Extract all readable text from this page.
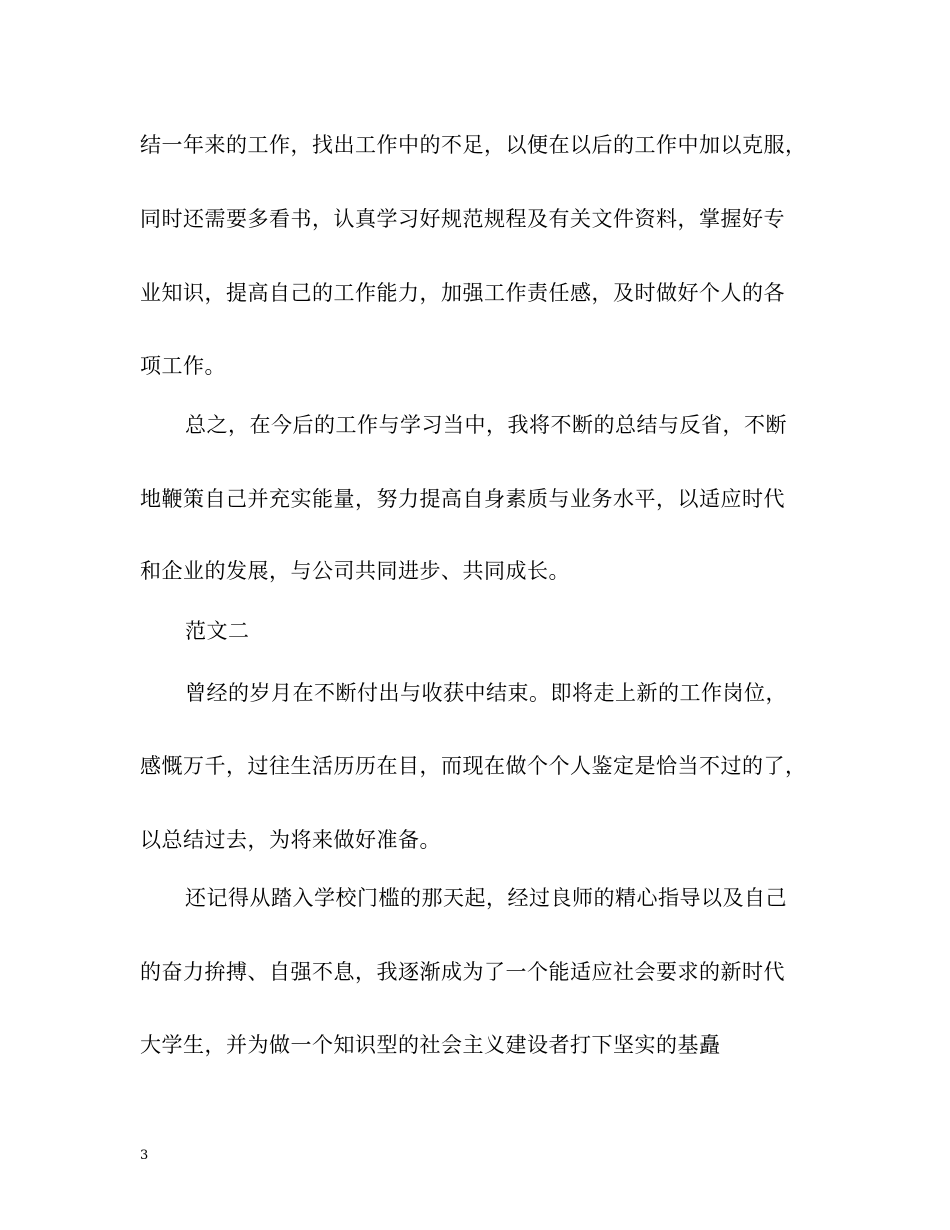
结一年来的工作，找出工作中的不足，以便在以后的工作中加以克服，
同时还需要多看书，认真学习好规范规程及有关文件资料，掌握好专
业知识，提高自己的工作能力，加强工作责任感，及时做好个人的各
项工作。
总之，在今后的工作与学习当中，我将不断的总结与反省，不断
地鞭策自己并充实能量，努力提高自身素质与业务水平，以适应时代
和企业的发展，与公司共同进步、共同成长。
范文二
曾经的岁月在不断付出与收获中结束。即将走上新的工作岗位，
感慨万千，过往生活历历在目，而现在做个个人鉴定是恰当不过的了，
以总结过去，为将来做好准备。
还记得从踏入学校门槛的那天起，经过良师的精心指导以及自己
的奋力拚搏、自强不息，我逐渐成为了一个能适应社会要求的新时代
大学生，并为做一个知识型的社会主义建设者打下坚实的基矗
3
